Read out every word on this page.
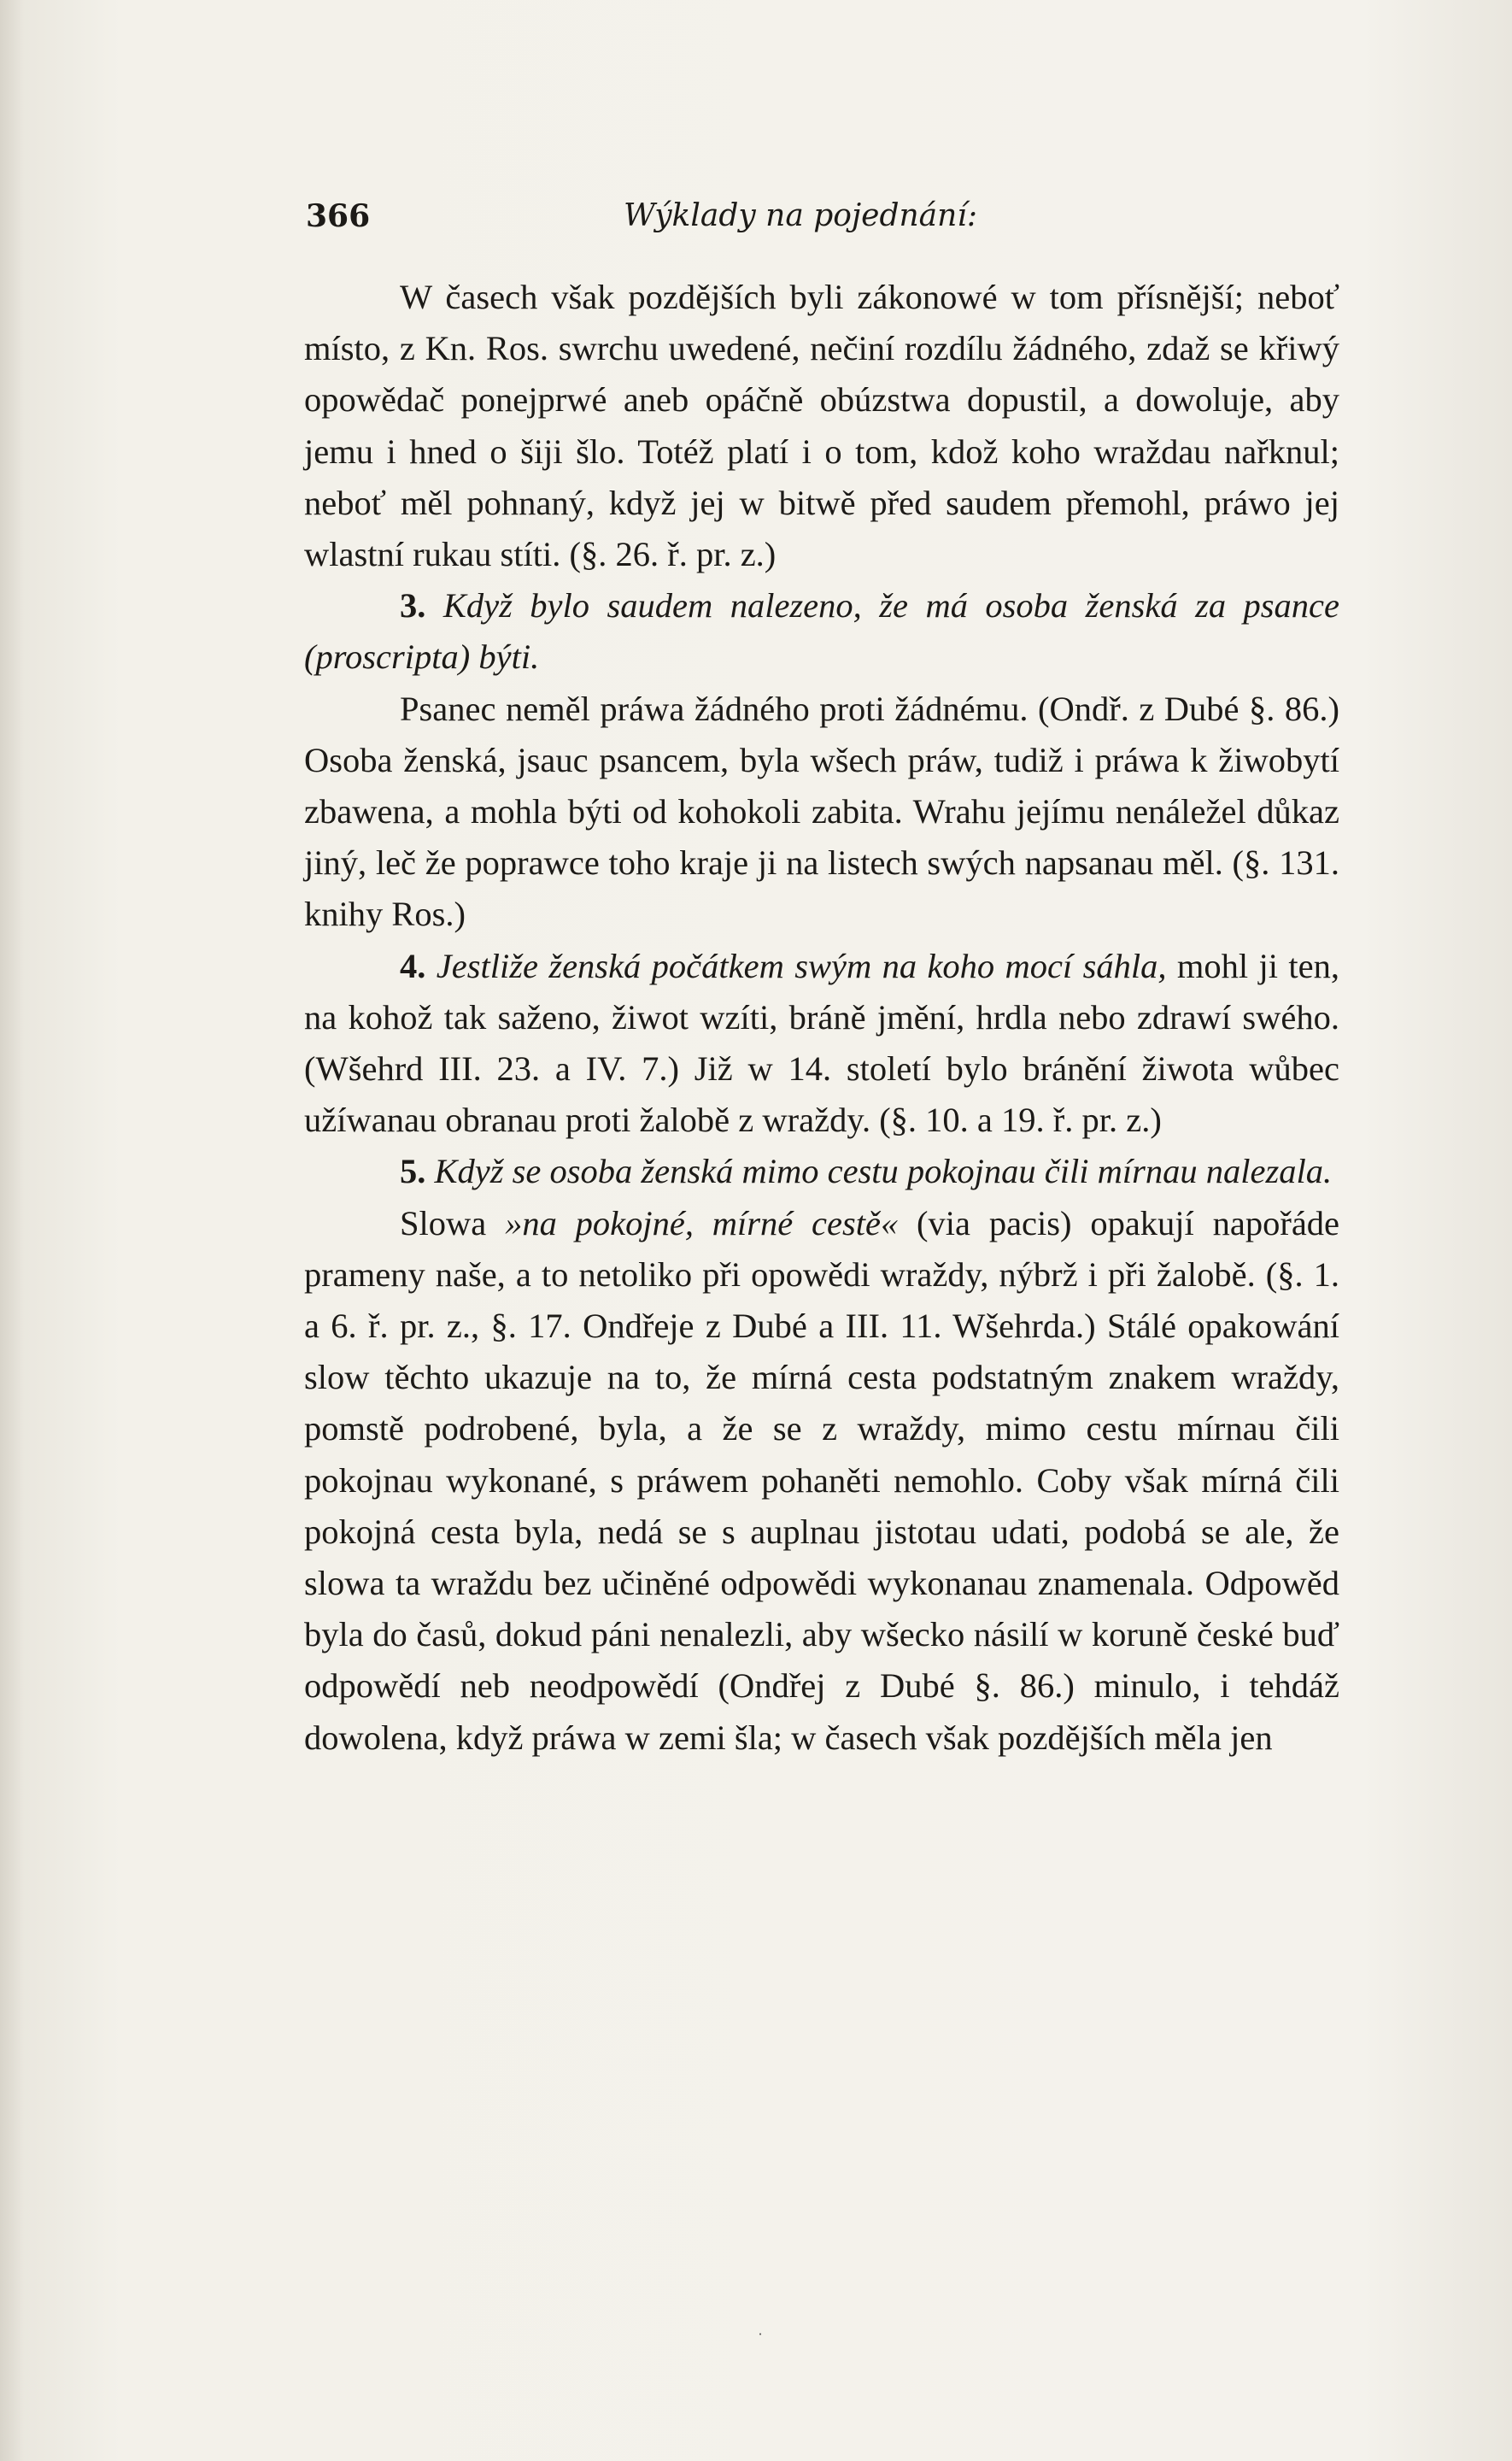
366	Wýklady na pojednání:

W časech však pozdějších byli zákonowé w tom přísnější; neboť místo, z Kn. Ros. swrchu uwedené, nečiní rozdílu žádného, zdaž se křiwý opowědač ponejprwé aneb opáčně obúzstwa dopustil, a dowoluje, aby jemu i hned o šiji šlo. Totéž platí i o tom, kdož koho wraždau nařknul; neboť měl pohnaný, když jej w bitwě před saudem přemohl, práwo jej wlastní rukau stíti. (§. 26. ř. pr. z.)

3. Když bylo saudem nalezeno, že má osoba ženská za psance (proscripta) býti.

Psanec neměl práwa žádného proti žádnému. (Ondř. z Dubé §. 86.) Osoba ženská, jsauc psancem, byla wšech práw, tudiž i práwa k žiwobytí zbawena, a mohla býti od kohokoli zabita. Wrahu jejímu nenáležel důkaz jiný, leč že poprawce toho kraje ji na listech swých napsanau měl. (§. 131. knihy Ros.)

4. Jestliže ženská počátkem swým na koho mocí sáhla, mohl ji ten, na kohož tak saženo, žiwot wzíti, bráně jmění, hrdla nebo zdrawí swého. (Wšehrd III. 23. a IV. 7.) Již w 14. století bylo bránění žiwota wůbec užíwanau obranau proti žalobě z wraždy. (§. 10. a 19. ř. pr. z.)

5. Když se osoba ženská mimo cestu pokojnau čili mírnau nalezala.

Slowa »na pokojné, mírné cestě« (via pacis) opakují napořáde prameny naše, a to netoliko při opowědi wraždy, nýbrž i při žalobě. (§. 1. a 6. ř. pr. z., §. 17. Ondřeje z Dubé a III. 11. Wšehrda.) Stálé opakowání slow těchto ukazuje na to, že mírná cesta podstatným znakem wraždy, pomstě podrobené, byla, a že se z wraždy, mimo cestu mírnau čili pokojnau wykonané, s práwem pohaněti nemohlo. Coby však mírná čili pokojná cesta byla, nedá se s auplnau jistotau udati, podobá se ale, že slowa ta wraždu bez učiněné odpowědi wykonanau znamenala. Odpowěd byla do časů, dokud páni nenalezli, aby wšecko násilí w koruně české buď odpowědí neb neodpowědí (Ondřej z Dubé §. 86.) minulo, i tehdáž dowolena, když práwa w zemi šla; w časech však pozdějších měla jen

·
